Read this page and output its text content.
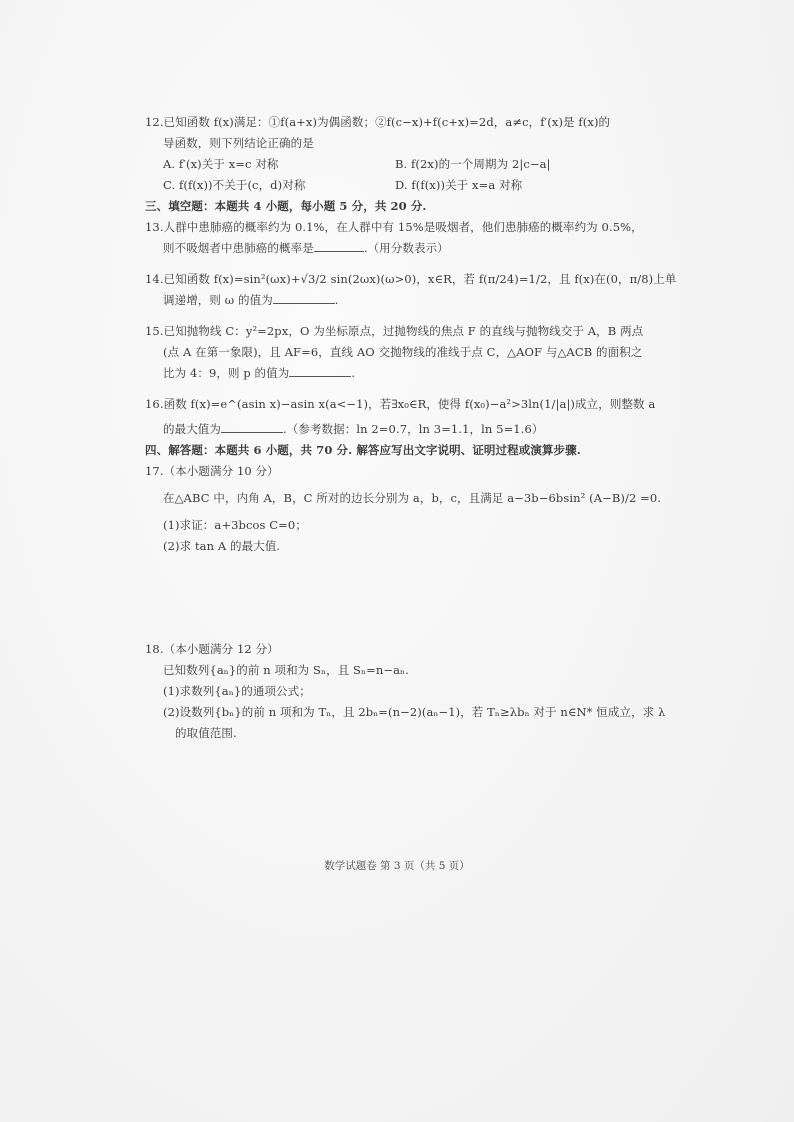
12.已知函数 f(x)满足：①f(a+x)为偶函数；②f(c−x)+f(c+x)=2d，a≠c，f′(x)是 f(x)的
导函数，则下列结论正确的是
A. f′(x)关于 x=c 对称	B. f(2x)的一个周期为 2|c−a|
C. f(f(x))不关于(c，d)对称	D. f(f(x))关于 x=a 对称
三、填空题：本题共 4 小题，每小题 5 分，共 20 分.
13.人群中患肺癌的概率约为 0.1%，在人群中有 15%是吸烟者，他们患肺癌的概率约为 0.5%，
则不吸烟者中患肺癌的概率是	.（用分数表示）
14.已知函数 f(x)=sin²(ωx)+√3/2 sin(2ωx)(ω>0)，x∈R，若 f(π/24)=1/2，且 f(x)在(0，π/8)上单
调递增，则 ω 的值为	.
15.已知抛物线 C：y²=2px，O 为坐标原点，过抛物线的焦点 F 的直线与抛物线交于 A，B 两点
(点 A 在第一象限)，且 AF=6，直线 AO 交抛物线的准线于点 C，△AOF 与△ACB 的面积之
比为 4：9，则 p 的值为	.
16.函数 f(x)=e^(asin x)−asin x(a<−1)，若∃x₀∈R，使得 f(x₀)−a²>3ln(1/|a|)成立，则整数 a
的最大值为	.（参考数据：ln 2=0.7，ln 3=1.1，ln 5=1.6）
四、解答题：本题共 6 小题，共 70 分. 解答应写出文字说明、证明过程或演算步骤.
17.（本小题满分 10 分）
在△ABC 中，内角 A，B，C 所对的边长分别为 a，b，c，且满足 a−3b−6bsin² (A−B)/2 =0.
(1)求证：a+3bcos C=0；
(2)求 tan A 的最大值.
18.（本小题满分 12 分）
已知数列{aₙ}的前 n 项和为 Sₙ，且 Sₙ=n−aₙ.
(1)求数列{aₙ}的通项公式；
(2)设数列{bₙ}的前 n 项和为 Tₙ，且 2bₙ=(n−2)(aₙ−1)，若 Tₙ≥λbₙ 对于 n∈N* 恒成立，求 λ
的取值范围.
数学试题卷 第 3 页（共 5 页）
